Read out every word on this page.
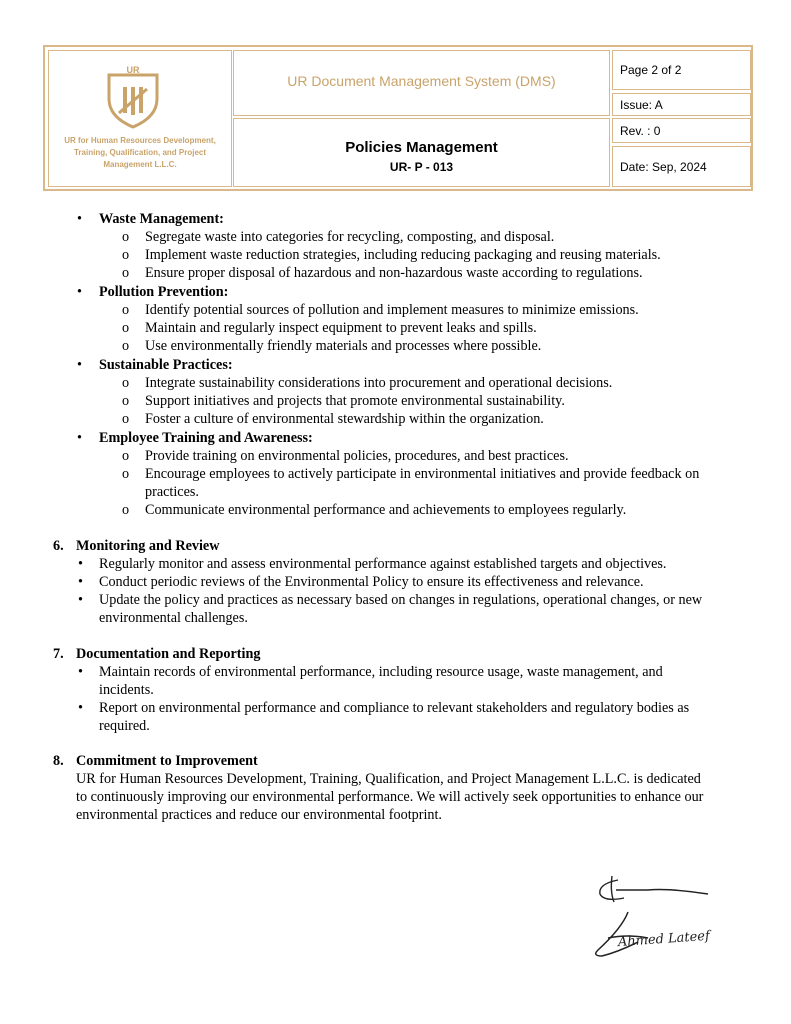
UR
UR for Human Resources Development, Training, Qualification, and Project Management L.L.C.
UR Document Management System (DMS)
Policies Management
UR- P - 013
Page 2 of 2
Issue: A
Rev. : 0
Date: Sep, 2024
• Waste Management:
o Segregate waste into categories for recycling, composting, and disposal.
o Implement waste reduction strategies, including reducing packaging and reusing materials.
o Ensure proper disposal of hazardous and non-hazardous waste according to regulations.
• Pollution Prevention:
o Identify potential sources of pollution and implement measures to minimize emissions.
o Maintain and regularly inspect equipment to prevent leaks and spills.
o Use environmentally friendly materials and processes where possible.
• Sustainable Practices:
o Integrate sustainability considerations into procurement and operational decisions.
o Support initiatives and projects that promote environmental sustainability.
o Foster a culture of environmental stewardship within the organization.
• Employee Training and Awareness:
o Provide training on environmental policies, procedures, and best practices.
o Encourage employees to actively participate in environmental initiatives and provide feedback on
practices.
o Communicate environmental performance and achievements to employees regularly.
6. Monitoring and Review
• Regularly monitor and assess environmental performance against established targets and objectives.
• Conduct periodic reviews of the Environmental Policy to ensure its effectiveness and relevance.
• Update the policy and practices as necessary based on changes in regulations, operational changes, or new
environmental challenges.
7. Documentation and Reporting
• Maintain records of environmental performance, including resource usage, waste management, and
incidents.
• Report on environmental performance and compliance to relevant stakeholders and regulatory bodies as
required.
8. Commitment to Improvement
UR for Human Resources Development, Training, Qualification, and Project Management L.L.C. is dedicated
to continuously improving our environmental performance. We will actively seek opportunities to enhance our
environmental practices and reduce our environmental footprint.
Ahmed Lateef
